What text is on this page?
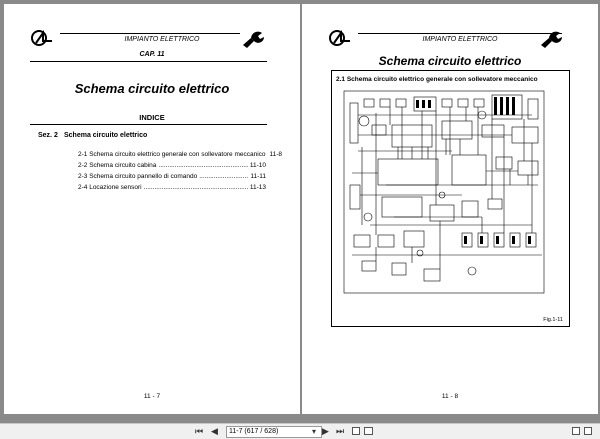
IMPIANTO ELETTRICO
CAP. 11
Schema circuito elettrico
INDICE
Sez. 2 Schema circuito elettrico
2-1 Schema circuito elettrico generale con sollevatore meccanico 11-8
2-2 Schema circuito cabina .....	11-10
2-3 Schema circuito pannello di comando .....	11-11
2-4 Locazione sensori .....	11-13
11 - 7
IMPIANTO ELETTRICO
Schema circuito elettrico
2.1 Schema circuito elettrico generale con sollevatore meccanico
Fig.1-11
11 - 8
⏮ ◀	11-7 (617 / 628)	▾ ▶ ⏭
